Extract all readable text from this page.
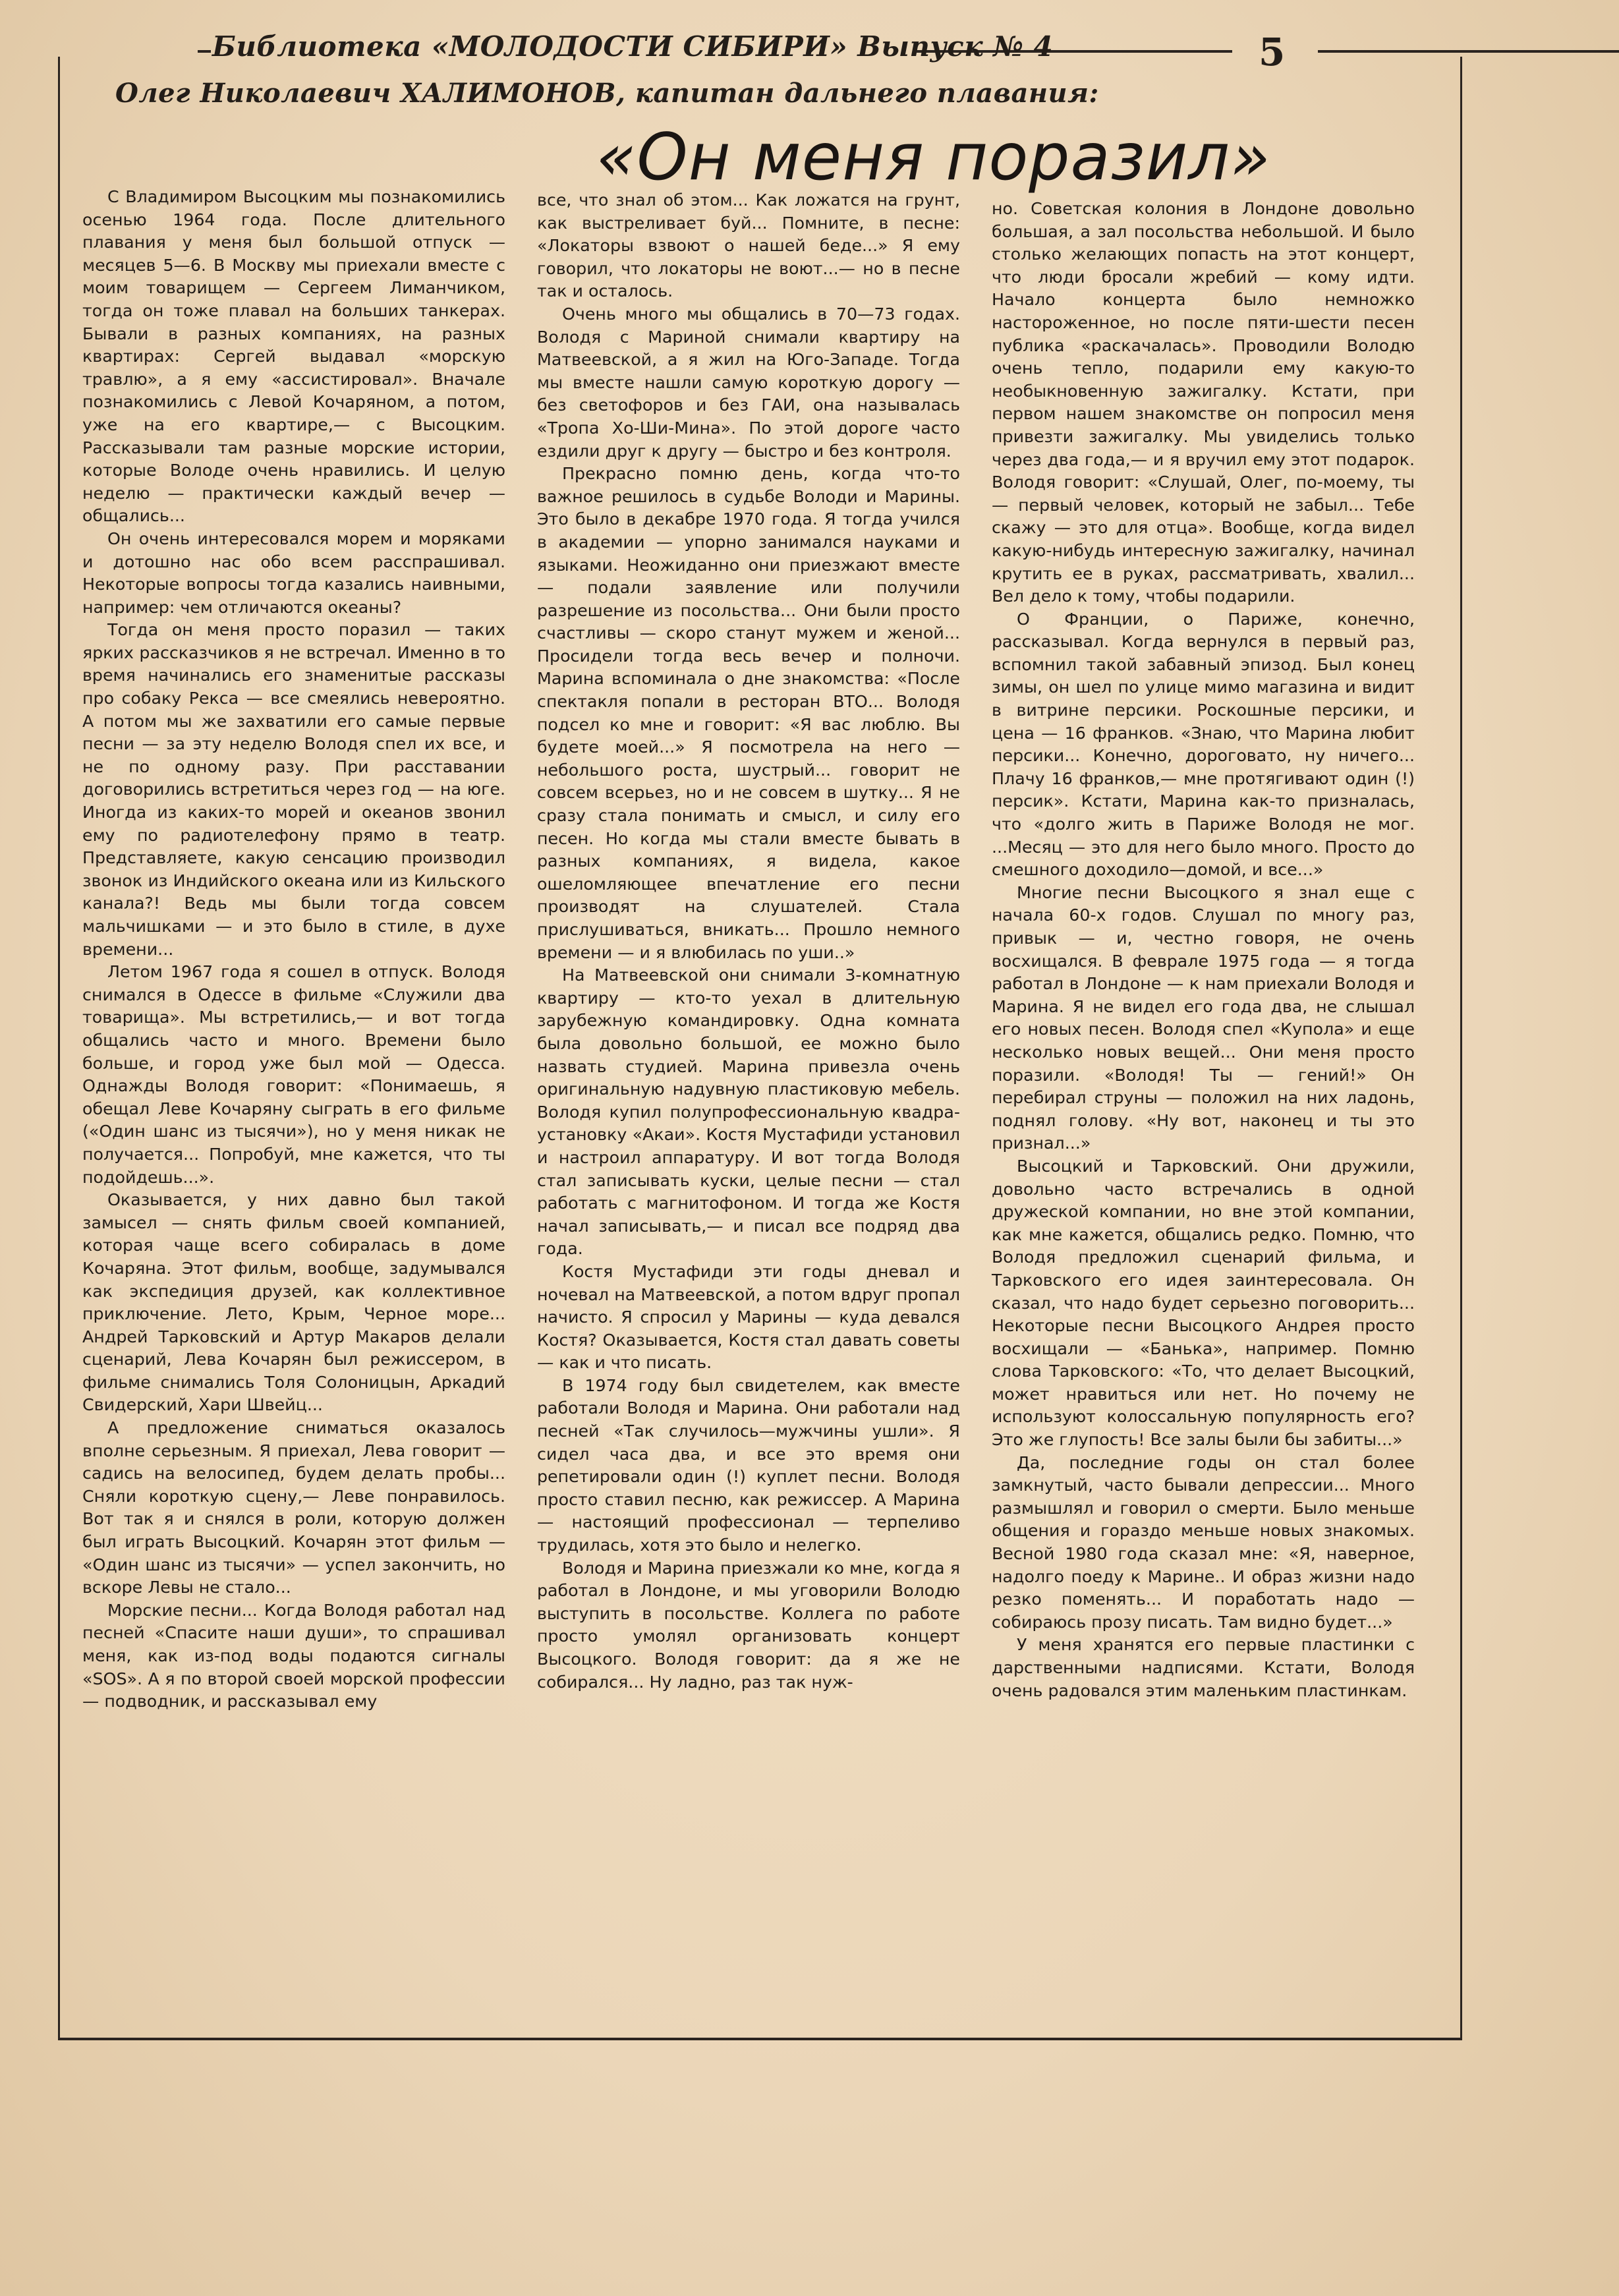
Библиотека «МОЛОДОСТИ СИБИРИ» Выпуск № 4	5
Олег Николаевич ХАЛИМОНОВ, капитан дальнего плавания:
«Он меня поразил»

С Владимиром Высоцким мы познакомились осенью 1964 года. После длительного плавания у меня был большой отпуск — месяцев 5—6. В Москву мы приехали вместе с моим товарищем — Сергеем Лиманчиком, тогда он тоже плавал на больших танкерах. Бывали в разных компаниях, на разных квартирах: Сергей выдавал «морскую травлю», а я ему «ассистировал». Вначале познакомились с Левой Кочаряном, а потом, уже на его квартире,— с Высоцким. Рассказывали там разные морские истории, которые Володе очень нравились. И целую неделю — практически каждый вечер — общались...

Он очень интересовался морем и моряками и дотошно нас обо всем расспрашивал. Некоторые вопросы тогда казались наивными, например: чем отличаются океаны?

Тогда он меня просто поразил — таких ярких рассказчиков я не встречал. Именно в то время начинались его знаменитые рассказы про собаку Рекса — все смеялись невероятно. А потом мы же захватили его самые первые песни — за эту неделю Володя спел их все, и не по одному разу. При расставании договорились встретиться через год — на юге. Иногда из каких-то морей и океанов звонил ему по радиотелефону прямо в театр. Представляете, какую сенсацию производил звонок из Индийского океана или из Кильского канала?! Ведь мы были тогда совсем мальчишками — и это было в стиле, в духе времени...

Летом 1967 года я сошел в отпуск. Володя снимался в Одессе в фильме «Служили два товарища». Мы встретились,— и вот тогда общались часто и много. Времени было больше, и город уже был мой — Одесса. Однажды Володя говорит: «Понимаешь, я обещал Леве Кочаряну сыграть в его фильме («Один шанс из тысячи»), но у меня никак не получается... Попробуй, мне кажется, что ты подойдешь...».

Оказывается, у них давно был такой замысел — снять фильм своей компанией, которая чаще всего собиралась в доме Кочаряна. Этот фильм, вообще, задумывался как экспедиция друзей, как коллективное приключение. Лето, Крым, Черное море... Андрей Тарковский и Артур Макаров делали сценарий, Лева Кочарян был режиссером, в фильме снимались Толя Солоницын, Аркадий Свидерский, Хари Швейц...

А предложение сниматься оказалось вполне серьезным. Я приехал, Лева говорит — садись на велосипед, будем делать пробы... Сняли короткую сцену,— Леве понравилось. Вот так я и снялся в роли, которую должен был играть Высоцкий. Кочарян этот фильм — «Один шанс из тысячи» — успел закончить, но вскоре Левы не стало...

Морские песни... Когда Володя работал над песней «Спасите наши души», то спрашивал меня, как из-под воды подаются сигналы «SOS». А я по второй своей морской профессии — подводник, и рассказывал ему

все, что знал об этом... Как ложатся на грунт, как выстреливает буй... Помните, в песне: «Локаторы взвоют о нашей беде...» Я ему говорил, что локаторы не воют...— но в песне так и осталось.

Очень много мы общались в 70—73 годах. Володя с Мариной снимали квартиру на Матвеевской, а я жил на Юго-Западе. Тогда мы вместе нашли самую короткую дорогу — без светофоров и без ГАИ, она называлась «Тропа Хо-Ши-Мина». По этой дороге часто ездили друг к другу — быстро и без контроля.

Прекрасно помню день, когда что-то важное решилось в судьбе Володи и Марины. Это было в декабре 1970 года. Я тогда учился в академии — упорно занимался науками и языками. Неожиданно они приезжают вместе — подали заявление или получили разрешение из посольства... Они были просто счастливы — скоро станут мужем и женой... Просидели тогда весь вечер и полночи. Марина вспоминала о дне знакомства: «После спектакля попали в ресторан ВТО... Володя подсел ко мне и говорит: «Я вас люблю. Вы будете моей...» Я посмотрела на него — небольшого роста, шустрый... говорит не совсем всерьез, но и не совсем в шутку... Я не сразу стала понимать и смысл, и силу его песен. Но когда мы стали вместе бывать в разных компаниях, я видела, какое ошеломляющее впечатление его песни производят на слушателей. Стала прислушиваться, вникать... Прошло немного времени — и я влюбилась по уши..»

На Матвеевской они снимали 3-комнатную квартиру — кто-то уехал в длительную зарубежную командировку. Одна комната была довольно большой, ее можно было назвать студией. Марина привезла очень оригинальную надувную пластиковую мебель. Володя купил полупрофессиональную квадра-установку «Акаи». Костя Мустафиди установил и настроил аппаратуру. И вот тогда Володя стал записывать куски, целые песни — стал работать с магнитофоном. И тогда же Костя начал записывать,— и писал все подряд два года.

Костя Мустафиди эти годы днeвал и ночевал на Матвеевской, а потом вдруг пропал начисто. Я спросил у Марины — куда девался Костя? Оказывается, Костя стал давать советы— как и что писать.

В 1974 году был свидетелем, как вместе работали Володя и Марина. Они работали над песней «Так случилось—мужчины ушли». Я сидел часа два, и все это время они репетировали один (!) куплет песни. Володя просто ставил песню, как режиссер. А Марина — настоящий профессионал — терпеливо трудилась, хотя это было и нелегко.

Володя и Марина приезжали ко мне, когда я работал в Лондоне, и мы уговорили Володю выступить в посольстве. Коллега по работе просто умолял организовать концерт Высоцкого. Володя говорит: да я же не собирался... Ну ладно, раз так нуж-

но. Советская колония в Лондоне довольно большая, а зал посольства небольшой. И было столько желающих попасть на этот концерт, что люди бросали жребий — кому идти. Начало концерта было немножко настороженное, но после пяти-шести песен публика «раскачалась». Проводили Володю очень тепло, подарили ему какую-то необыкновенную зажигалку. Кстати, при первом нашем знакомстве он попросил меня привезти зажигалку. Мы увиделись только через два года,— и я вручил ему этот подарок. Володя говорит: «Слушай, Олег, по-моему, ты — первый человек, который не забыл... Тебе скажу — это для отца». Вообще, когда видел какую-нибудь интересную зажигалку, начинал крутить ее в руках, рассматривать, хвалил... Вел дело к тому, чтобы подарили.

О Франции, о Париже, конечно, рассказывал. Когда вернулся в первый раз, вспомнил такой забавный эпизод. Был конец зимы, он шел по улице мимо магазина и видит в витрине персики. Роскошные персики, и цена — 16 франков. «Знаю, что Марина любит персики... Конечно, дороговато, ну ничего... Плачу 16 франков,— мне протягивают один (!) персик». Кстати, Марина как-то призналась, что «долго жить в Париже Володя не мог. ...Месяц — это для него было много. Просто до смешного доходило—домой, и все...»

Многие песни Высоцкого я знал еще с начала 60-х годов. Слушал по многу раз, привык — и, честно говоря, не очень восхищался. В феврале 1975 года — я тогда работал в Лондоне — к нам приехали Володя и Марина. Я не видел его года два, не слышал его новых песен. Володя спел «Купола» и еще несколько новых вещей... Они меня просто поразили. «Володя! Ты — гений!» Он перебирал струны — положил на них ладонь, поднял голову. «Ну вот, наконец и ты это признал...»

Высоцкий и Тарковский. Они дружили, довольно часто встречались в одной дружеской компании, но вне этой компании, как мне кажется, общались редко. Помню, что Володя предложил сценарий фильма, и Тарковского его идея заинтересовала. Он сказал, что надо будет серьезно поговорить... Некоторые песни Высоцкого Андрея просто восхищали — «Банька», например. Помню слова Тарковского: «То, что делает Высоцкий, может нравиться или нет. Но почему не используют колоссальную популярность его? Это же глупость! Все залы были бы забиты...»

Да, последние годы он стал более замкнутый, часто бывали депрессии... Много размышлял и говорил о смерти. Было меньше общения и гораздо меньше новых знакомых. Весной 1980 года сказал мне: «Я, наверное, надолго поеду к Марине.. И образ жизни надо резко поменять... И поработать надо — собираюсь прозу писать. Там видно будет...»

У меня хранятся его первые пластинки с дарственными надписями. Кстати, Володя очень радовался этим маленьким пластинкам.
